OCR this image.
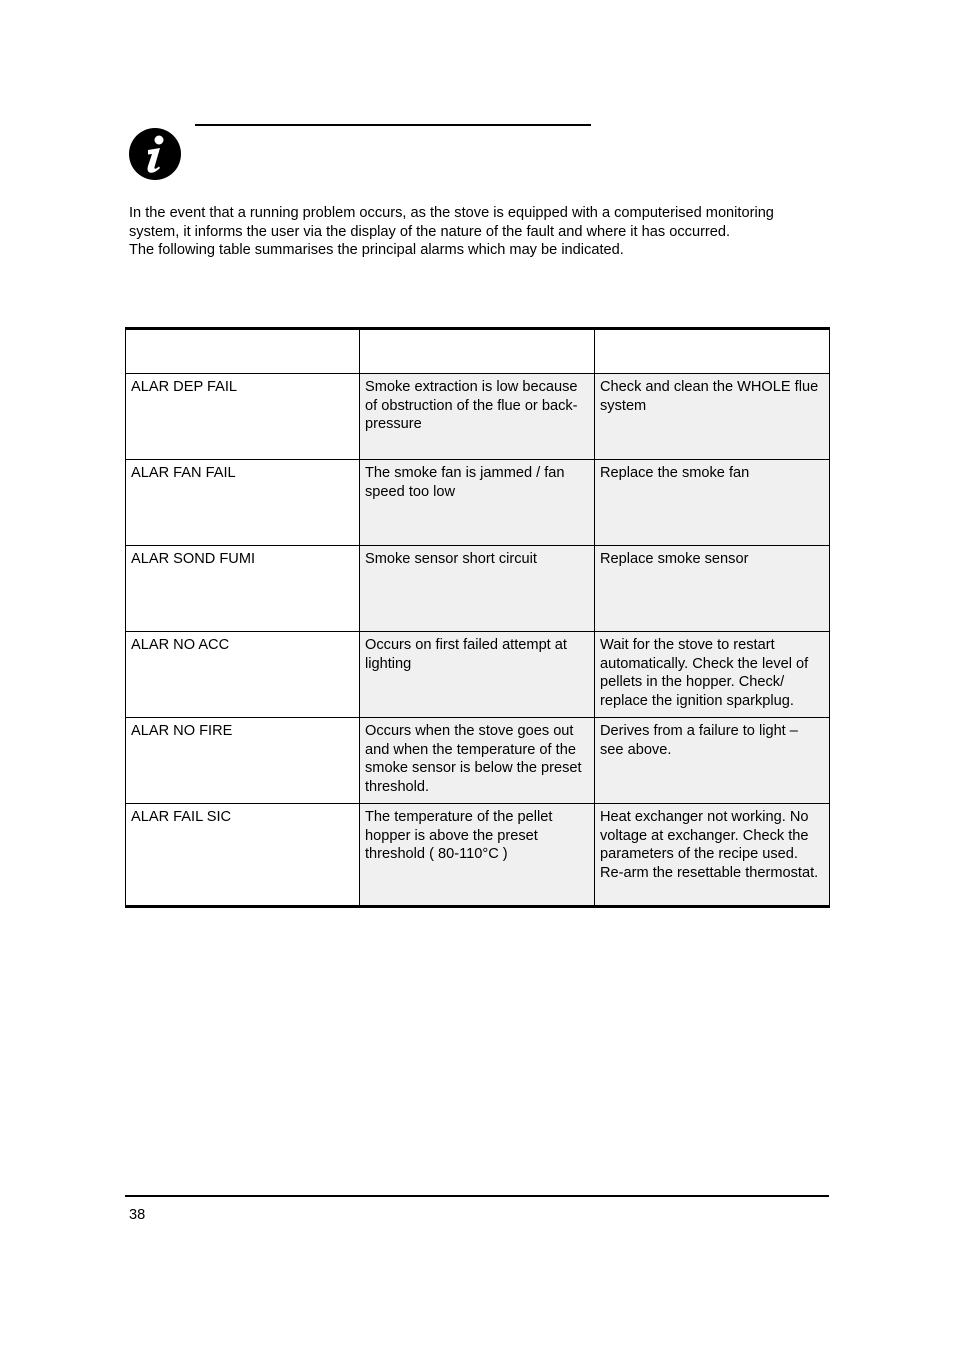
In the event that a running problem occurs, as the stove is equipped with a computerised monitoring system, it informs the user via the display of the nature of the fault and where it has occurred.

The following table summarises the principal alarms which may be indicated.

ALAR DEP FAIL	Smoke extraction is low because of obstruction of the flue or back-pressure	Check and clean the WHOLE flue system
ALAR FAN FAIL	The smoke fan is jammed / fan speed too low	Replace the smoke fan
ALAR SOND FUMI	Smoke sensor short circuit	Replace smoke sensor
ALAR NO ACC	Occurs on first failed attempt at lighting	Wait for the stove to restart automatically. Check the level of pellets in the hopper. Check/ replace the ignition sparkplug.
ALAR NO FIRE	Occurs when the stove goes out and when the temperature of the smoke sensor is below the preset threshold.	Derives from a failure to light – see above.
ALAR FAIL SIC	The temperature of the pellet hopper is above the preset threshold ( 80-110°C )	Heat exchanger not working. No voltage at exchanger. Check the parameters of the recipe used. Re-arm the resettable thermostat.
38
